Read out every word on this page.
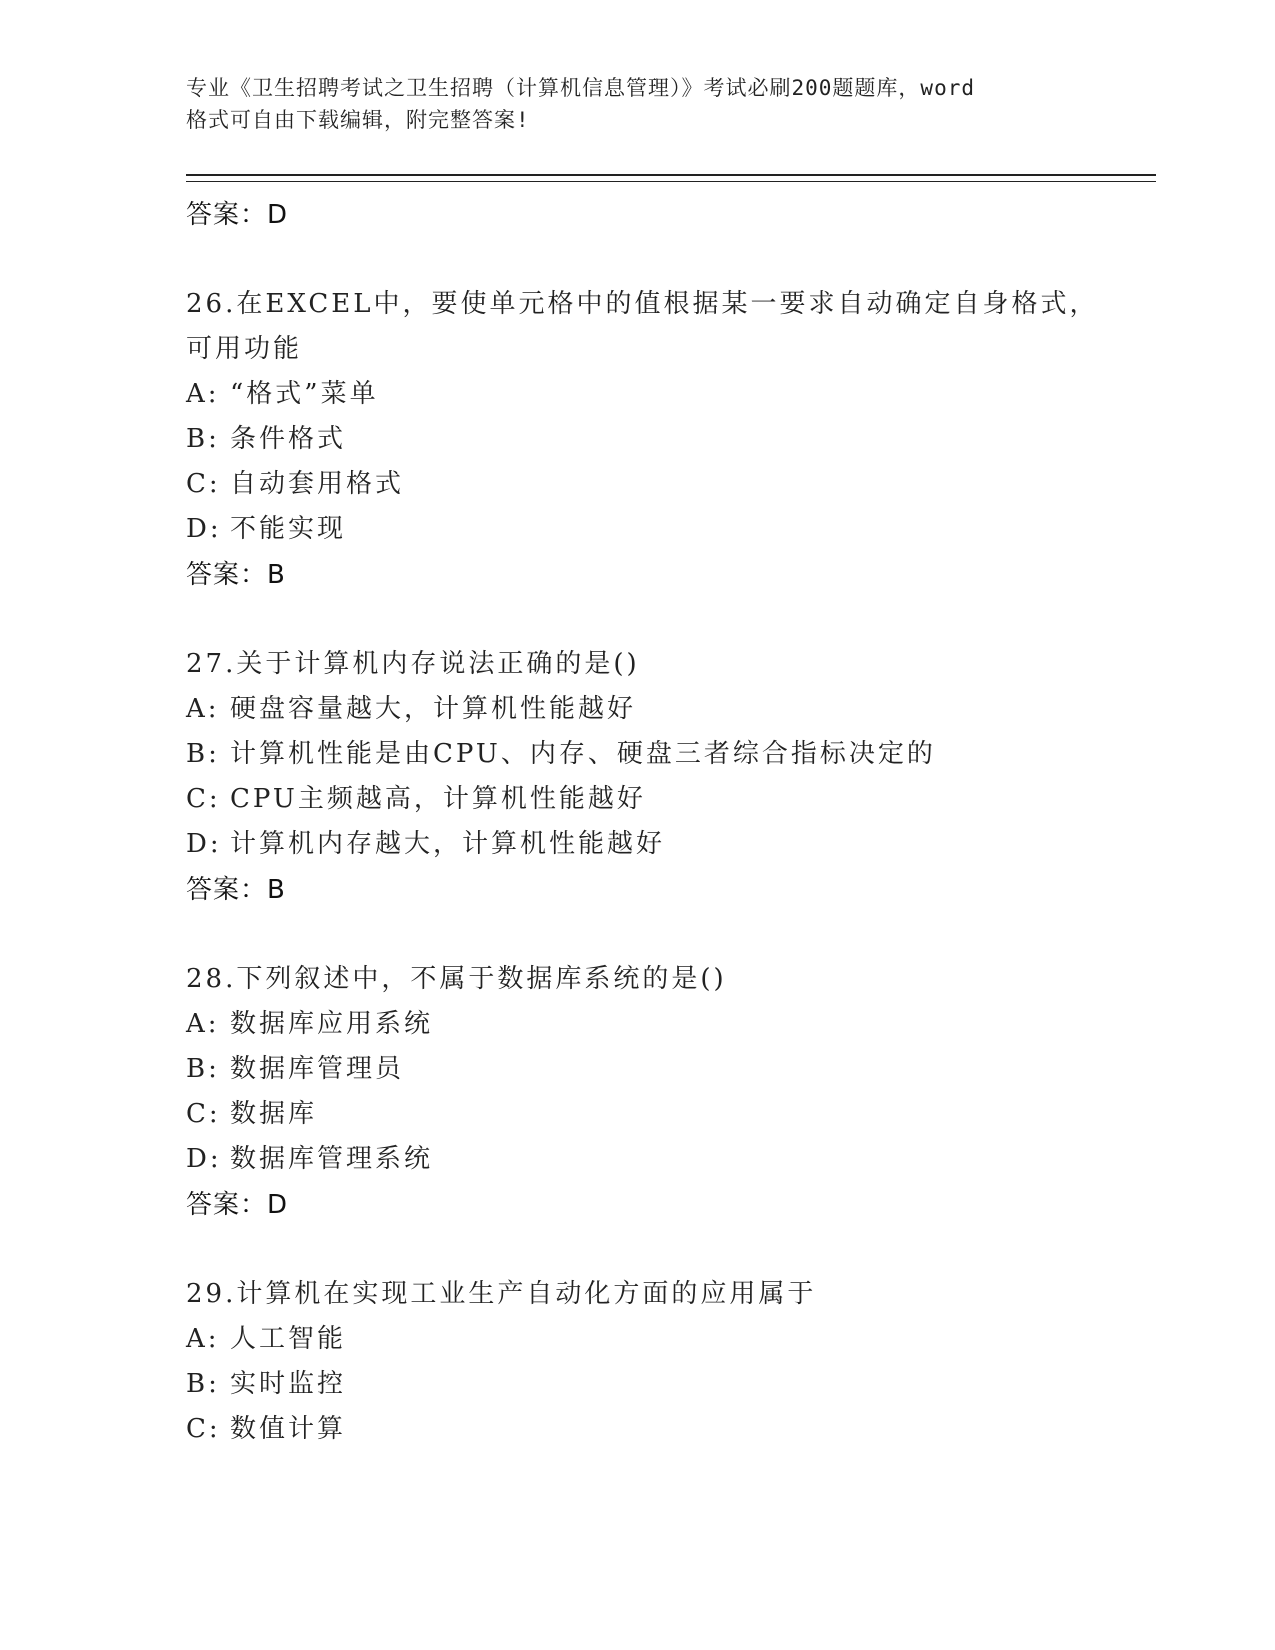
专业《卫生招聘考试之卫生招聘（计算机信息管理）》考试必刷200题题库，word
格式可自由下载编辑，附完整答案!
答案：D
26.在EXCEL中，要使单元格中的值根据某一要求自动确定自身格式，
可用功能
A: “格式”菜单
B: 条件格式
C: 自动套用格式
D: 不能实现
答案：B
27.关于计算机内存说法正确的是()
A: 硬盘容量越大，计算机性能越好
B: 计算机性能是由CPU、内存、硬盘三者综合指标决定的
C: CPU主频越高，计算机性能越好
D: 计算机内存越大，计算机性能越好
答案：B
28.下列叙述中，不属于数据库系统的是()
A: 数据库应用系统
B: 数据库管理员
C: 数据库
D: 数据库管理系统
答案：D
29.计算机在实现工业生产自动化方面的应用属于
A: 人工智能
B: 实时监控
C: 数值计算
